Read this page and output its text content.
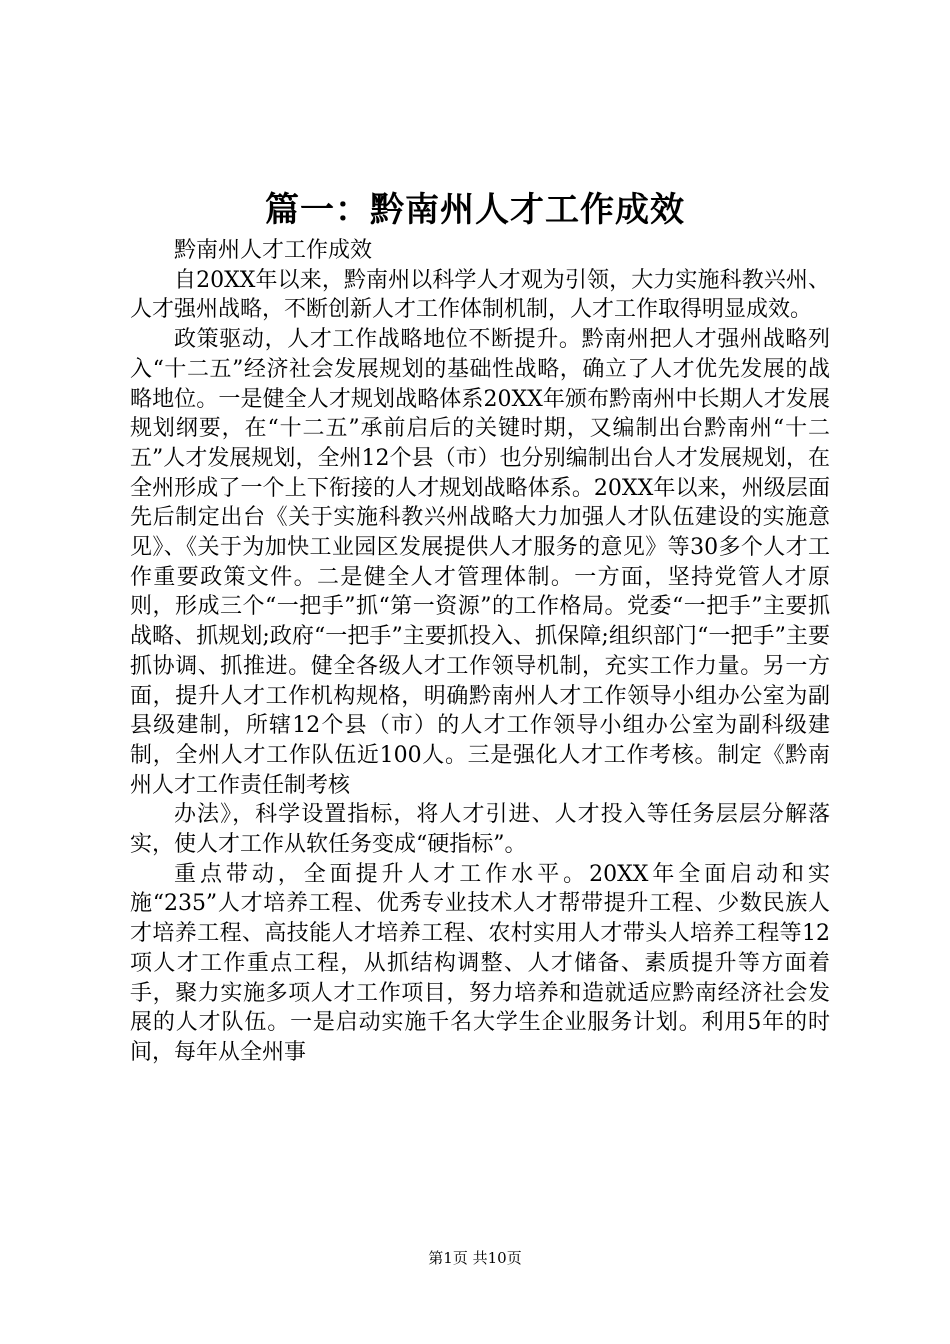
篇一：黔南州人才工作成效

黔南州人才工作成效

自20XX年以来，黔南州以科学人才观为引领，大力实施科教兴州、人才强州战略，不断创新人才工作体制机制，人才工作取得明显成效。

政策驱动，人才工作战略地位不断提升。黔南州把人才强州战略列入“十二五”经济社会发展规划的基础性战略，确立了人才优先发展的战略地位。一是健全人才规划战略体系20XX年颁布黔南州中长期人才发展规划纲要，在“十二五”承前启后的关键时期，又编制出台黔南州“十二五”人才发展规划，全州12个县（市）也分别编制出台人才发展规划，在全州形成了一个上下衔接的人才规划战略体系。20XX年以来，州级层面先后制定出台《关于实施科教兴州战略大力加强人才队伍建设的实施意见》、《关于为加快工业园区发展提供人才服务的意见》等30多个人才工作重要政策文件。二是健全人才管理体制。一方面，坚持党管人才原则，形成三个“一把手”抓“第一资源”的工作格局。党委“一把手”主要抓战略、抓规划;政府“一把手”主要抓投入、抓保障;组织部门“一把手”主要抓协调、抓推进。健全各级人才工作领导机制，充实工作力量。另一方面，提升人才工作机构规格，明确黔南州人才工作领导小组办公室为副县级建制，所辖12个县（市）的人才工作领导小组办公室为副科级建制，全州人才工作队伍近100人。三是强化人才工作考核。制定《黔南州人才工作责任制考核

办法》，科学设置指标，将人才引进、人才投入等任务层层分解落实，使人才工作从软任务变成“硬指标”。

重点带动，全面提升人才工作水平。20XX年全面启动和实施“235”人才培养工程、优秀专业技术人才帮带提升工程、少数民族人才培养工程、高技能人才培养工程、农村实用人才带头人培养工程等12项人才工作重点工程，从抓结构调整、人才储备、素质提升等方面着手，聚力实施多项人才工作项目，努力培养和造就适应黔南经济社会发展的人才队伍。一是启动实施千名大学生企业服务计划。利用5年的时间，每年从全州事

第1页 共10页
